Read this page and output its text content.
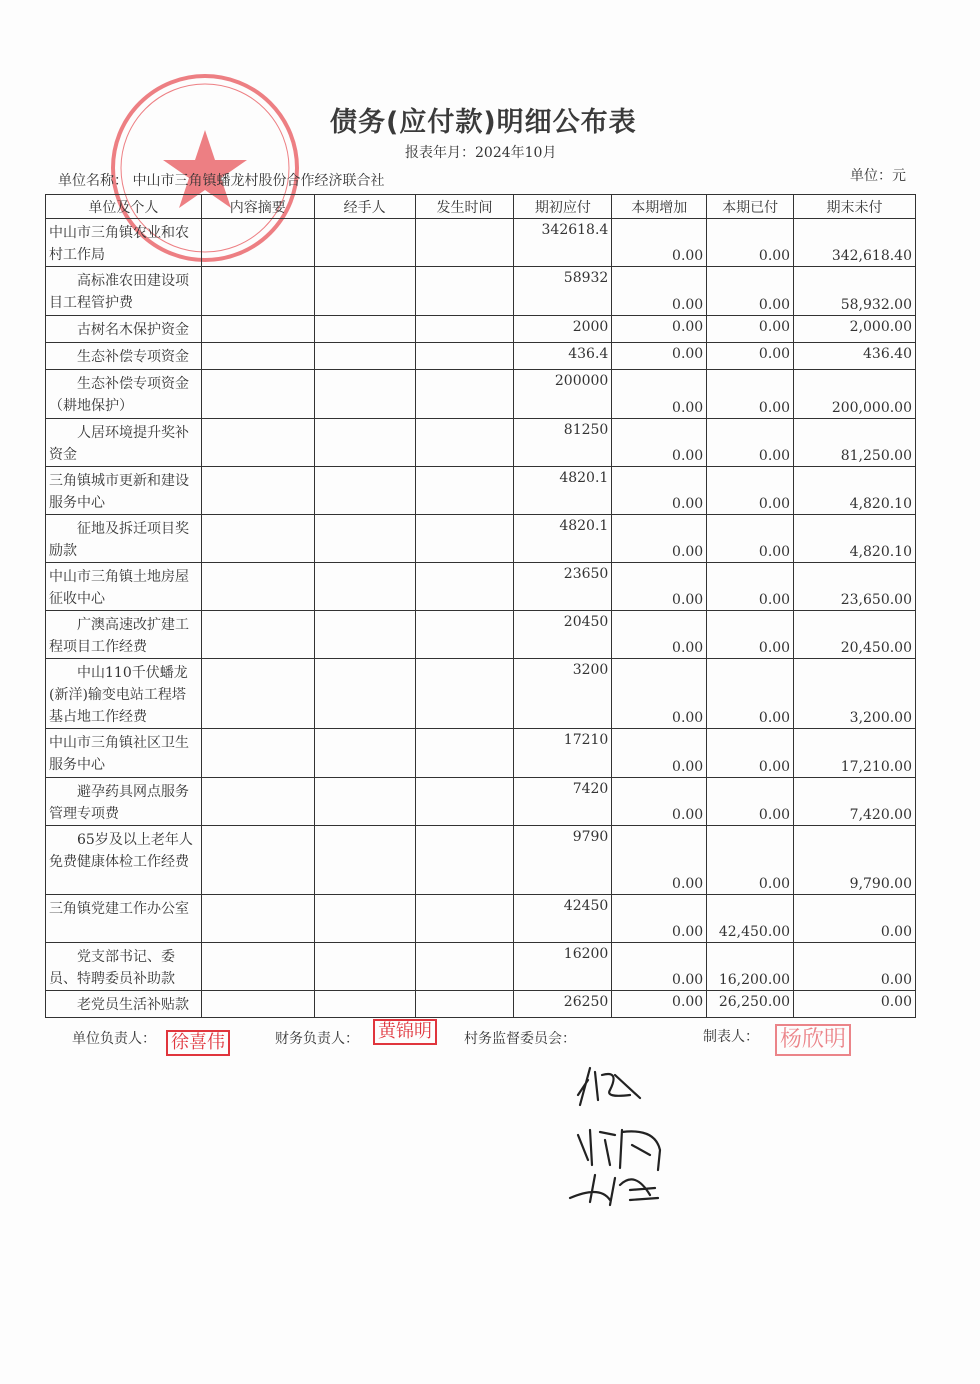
债务(应付款)明细公布表
报表年月：2024年10月
单位名称： 中山市三角镇蟠龙村股份合作经济联合社	单位：元
单位及个人	内容摘要	经手人	发生时间	期初应付	本期增加	本期已付	期末未付
中山市三角镇农业和农村工作局				342618.4	0.00	0.00	342,618.40

高标准农田建设项目工程管护费				58932	0.00	0.00	58,932.00

古树名木保护资金				2000	0.00	0.00	2,000.00

生态补偿专项资金				436.4	0.00	0.00	436.40

生态补偿专项资金（耕地保护）				200000	0.00	0.00	200,000.00

人居环境提升奖补资金				81250	0.00	0.00	81,250.00

三角镇城市更新和建设服务中心				4820.1	0.00	0.00	4,820.10

征地及拆迁项目奖励款				4820.1	0.00	0.00	4,820.10

中山市三角镇土地房屋征收中心				23650	0.00	0.00	23,650.00

广澳高速改扩建工程项目工作经费				20450	0.00	0.00	20,450.00

中山110千伏蟠龙(新洋)输变电站工程塔基占地工作经费				3200	0.00	0.00	3,200.00

中山市三角镇社区卫生服务中心				17210	0.00	0.00	17,210.00

避孕药具网点服务管理专项费				7420	0.00	0.00	7,420.00

65岁及以上老年人免费健康体检工作经费				9790	0.00	0.00	9,790.00

三角镇党建工作办公室				42450	0.00	42,450.00	0.00

党支部书记、委员、特聘委员补助款				16200	0.00	16,200.00	0.00

老党员生活补贴款				26250	0.00	26,250.00	0.00
单位负责人： 徐喜伟	财务负责人： 黄锦明	村务监督委员会：	制表人： 杨欣明
